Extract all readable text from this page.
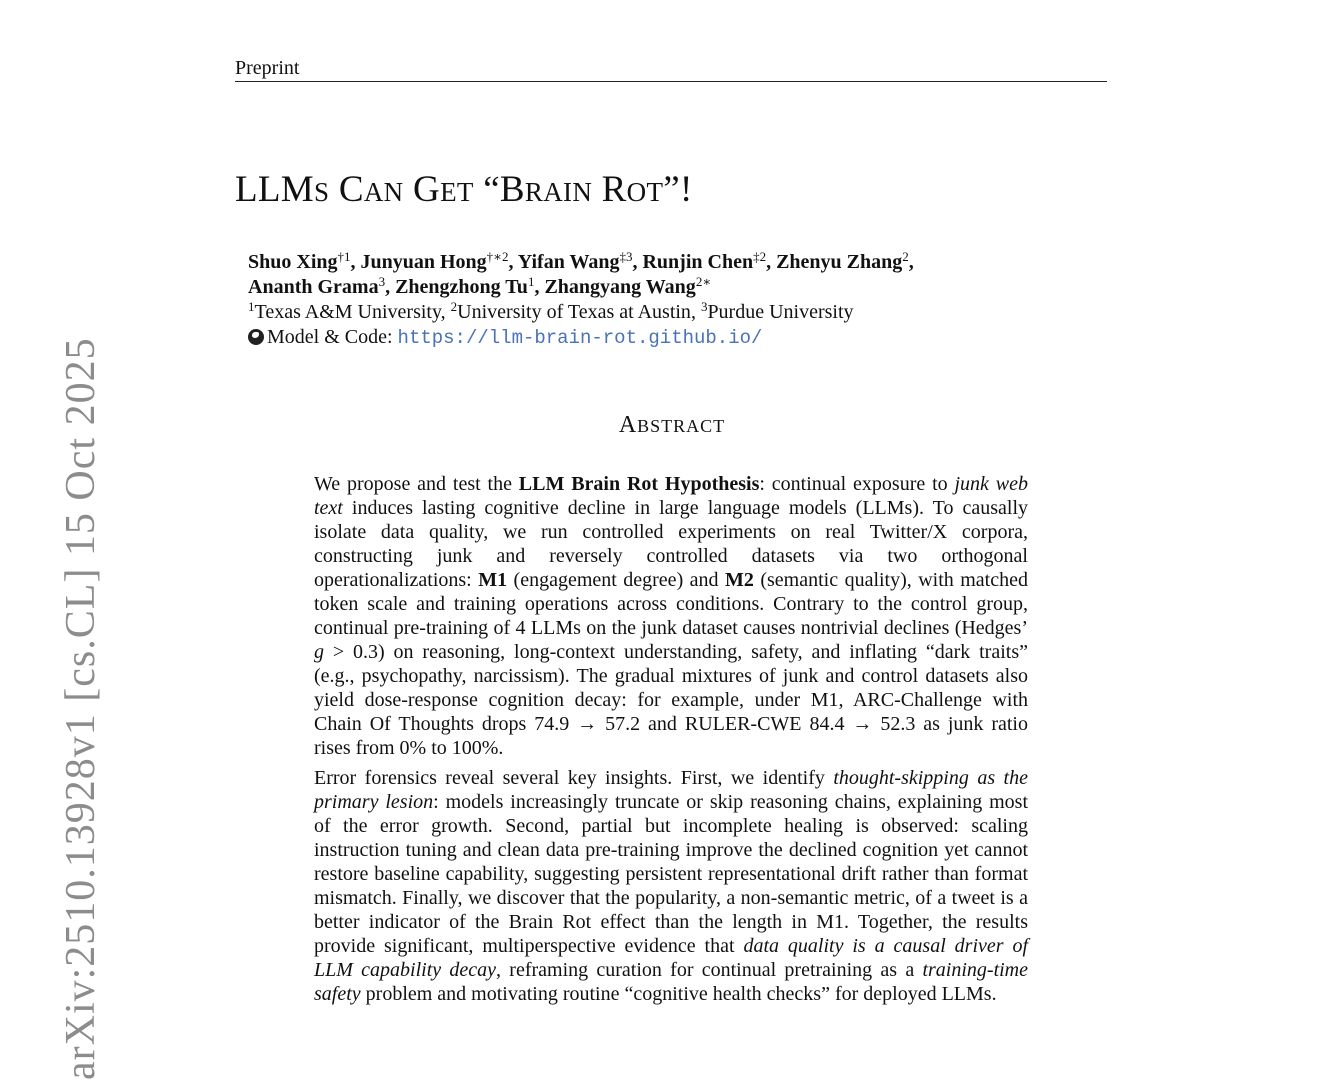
Preprint
LLMS CAN GET “BRAIN ROT”!
Shuo Xing$^{\dagger 1}$, Junyuan Hong$^{\dagger∗2}$, Yifan Wang$^{\ddagger 3}$, Runjin Chen$^{\ddagger 2}$, Zhenyu Zhang$^2$,
Ananth Grama$^3$, Zhengzhong Tu$^1$, Zhangyang Wang$^{2∗}$
$^1$Texas A&M University, $^2$University of Texas at Austin, $^3$Purdue University
Model & Code: https://llm-brain-rot.github.io/
ABSTRACT

We propose and test the LLM Brain Rot Hypothesis: continual exposure to junk web text induces lasting cognitive decline in large language models (LLMs). To causally isolate data quality, we run controlled experiments on real Twitter/X corpora, constructing junk and reversely controlled datasets via two orthogonal operationalizations: M1 (engagement degree) and M2 (semantic quality), with matched token scale and training operations across conditions. Contrary to the control group, continual pre-training of 4 LLMs on the junk dataset causes nontrivial declines (Hedges’ g > 0.3) on reasoning, long-context understanding, safety, and inflating “dark traits” (e.g., psychopathy, narcissism). The gradual mixtures of junk and control datasets also yield dose-response cognition decay: for example, under M1, ARC-Challenge with Chain Of Thoughts drops 74.9 → 57.2 and RULER-CWE 84.4 → 52.3 as junk ratio rises from 0% to 100%.

Error forensics reveal several key insights. First, we identify thought-skipping as the primary lesion: models increasingly truncate or skip reasoning chains, explaining most of the error growth. Second, partial but incomplete healing is observed: scaling instruction tuning and clean data pre-training improve the declined cognition yet cannot restore baseline capability, suggesting persistent representational drift rather than format mismatch. Finally, we discover that the popularity, a non-semantic metric, of a tweet is a better indicator of the Brain Rot effect than the length in M1. Together, the results provide significant, multiperspective evidence that data quality is a causal driver of LLM capability decay, reframing curation for continual pretraining as a training-time safety problem and motivating routine “cognitive health checks” for deployed LLMs.

arXiv:2510.13928v1 [cs.CL] 15 Oct 2025
